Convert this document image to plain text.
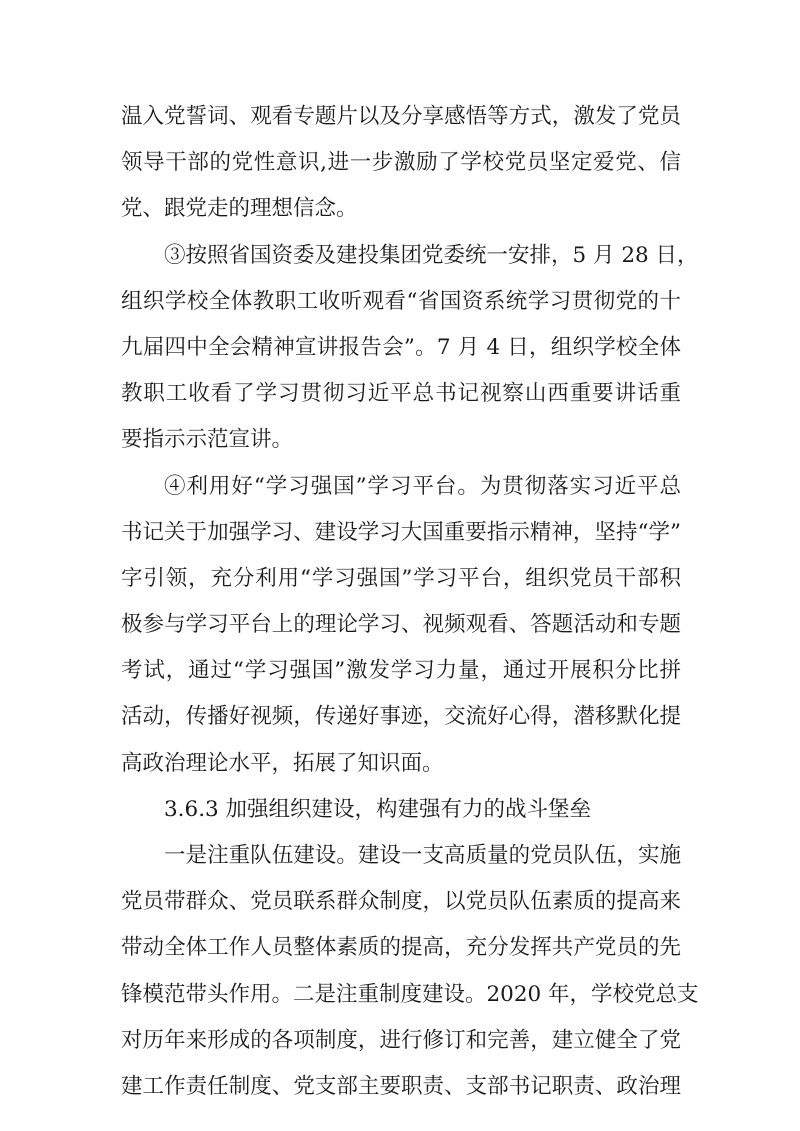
温入党誓词、观看专题片以及分享感悟等方式，激发了党员
领导干部的党性意识,进一步激励了学校党员坚定爱党、信
党、跟党走的理想信念。
③按照省国资委及建投集团党委统一安排，5 月 28 日，
组织学校全体教职工收听观看“省国资系统学习贯彻党的十
九届四中全会精神宣讲报告会”。7 月 4 日，组织学校全体
教职工收看了学习贯彻习近平总书记视察山西重要讲话重
要指示示范宣讲。
④利用好“学习强国”学习平台。为贯彻落实习近平总
书记关于加强学习、建设学习大国重要指示精神，坚持“学”
字引领，充分利用“学习强国”学习平台，组织党员干部积
极参与学习平台上的理论学习、视频观看、答题活动和专题
考试，通过“学习强国”激发学习力量，通过开展积分比拼
活动，传播好视频，传递好事迹，交流好心得，潜移默化提
高政治理论水平，拓展了知识面。
3.6.3 加强组织建设，构建强有力的战斗堡垒
一是注重队伍建设。建设一支高质量的党员队伍，实施
党员带群众、党员联系群众制度，以党员队伍素质的提高来
带动全体工作人员整体素质的提高，充分发挥共产党员的先
锋模范带头作用。二是注重制度建设。2020 年，学校党总支
对历年来形成的各项制度，进行修订和完善，建立健全了党
建工作责任制度、党支部主要职责、支部书记职责、政治理
